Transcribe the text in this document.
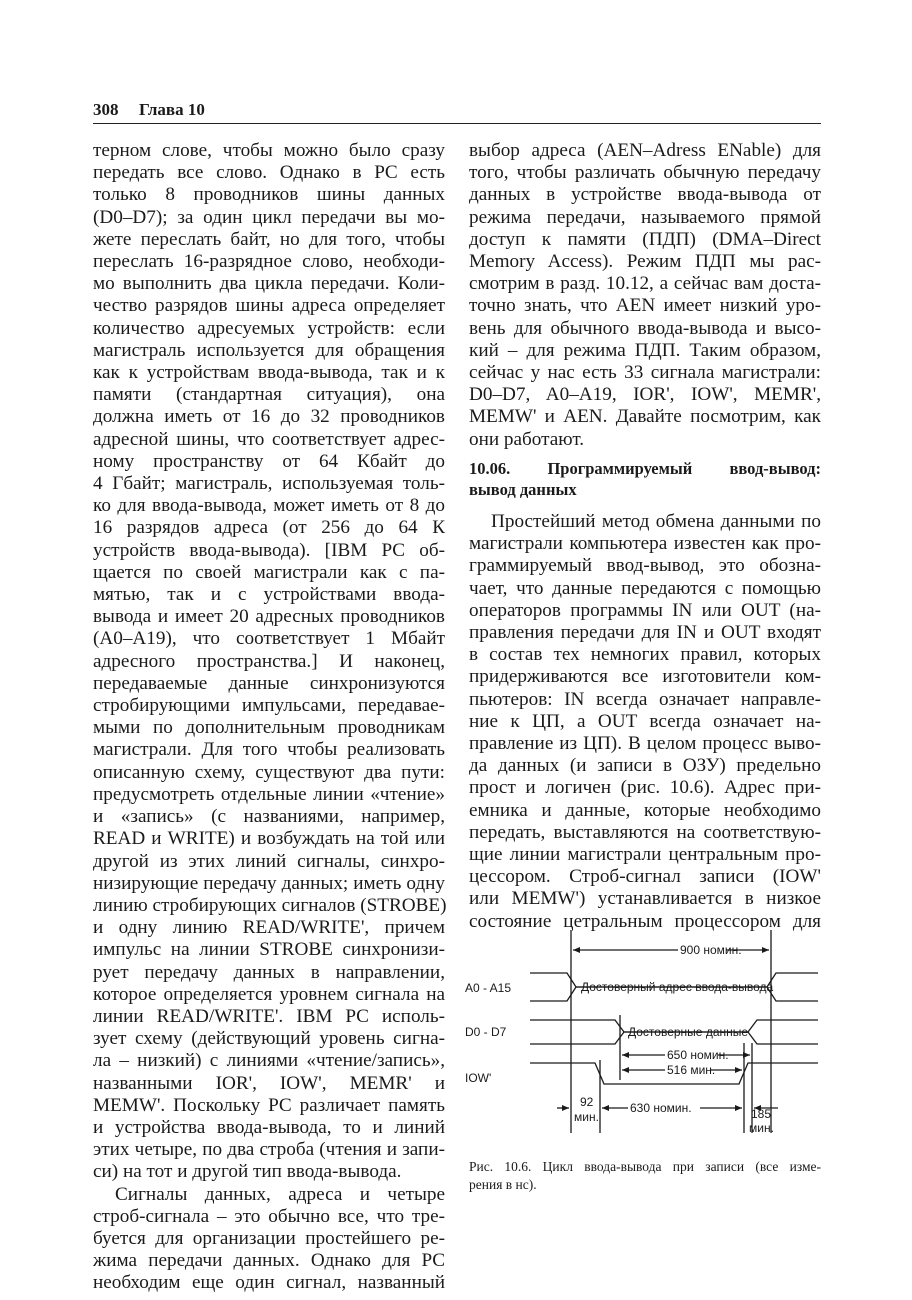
308 Глава 10
терном слове, чтобы можно было сразу
передать все слово. Однако в PC есть
только 8 проводников шины данных
(D0–D7); за один цикл передачи вы мо-
жете переслать байт, но для того, чтобы
переслать 16-разрядное слово, необходи-
мо выполнить два цикла передачи. Коли-
чество разрядов шины адреса определяет
количество адресуемых устройств: если
магистраль используется для обращения
как к устройствам ввода-вывода, так и к
памяти (стандартная ситуация), она
должна иметь от 16 до 32 проводников
адресной шины, что соответствует адрес-
ному пространству от 64 Кбайт до
4 Гбайт; магистраль, используемая толь-
ко для ввода-вывода, может иметь от 8 до
16 разрядов адреса (от 256 до 64 К
устройств ввода-вывода). [IBM PC об-
щается по своей магистрали как с па-
мятью, так и с устройствами ввода-
вывода и имеет 20 адресных проводников
(A0–A19), что соответствует 1 Мбайт
адресного пространства.] И наконец,
передаваемые данные синхронизуются
стробирующими импульсами, передавае-
мыми по дополнительным проводникам
магистрали. Для того чтобы реализовать
описанную схему, существуют два пути:
предусмотреть отдельные линии «чтение»
и «запись» (с названиями, например,
READ и WRITE) и возбуждать на той или
другой из этих линий сигналы, синхро-
низирующие передачу данных; иметь одну
линию стробирующих сигналов (STROBE)
и одну линию READ/WRITE', причем
импульс на линии STROBE синхронизи-
рует передачу данных в направлении,
которое определяется уровнем сигнала на
линии READ/WRITE'. IBM PC исполь-
зует схему (действующий уровень сигна-
ла – низкий) с линиями «чтение/запись»,
названными IOR', IOW', MEMR' и
MEMW'. Поскольку PC различает память
и устройства ввода-вывода, то и линий
этих четыре, по два строба (чтения и запи-
си) на тот и другой тип ввода-вывода.
Сигналы данных, адреса и четыре
строб-сигнала – это обычно все, что тре-
буется для организации простейшего ре-
жима передачи данных. Однако для PC
необходим еще один сигнал, названный
выбор адреса (AEN–Adress ENable) для
того, чтобы различать обычную передачу
данных в устройстве ввода-вывода от
режима передачи, называемого прямой
доступ к памяти (ПДП) (DMA–Direct
Memory Access). Режим ПДП мы рас-
смотрим в разд. 10.12, а сейчас вам доста-
точно знать, что AEN имеет низкий уро-
вень для обычного ввода-вывода и высо-
кий – для режима ПДП. Таким образом,
сейчас у нас есть 33 сигнала магистрали:
D0–D7, A0–A19, IOR', IOW', MEMR',
MEMW' и AEN. Давайте посмотрим, как
они работают.
10.06. Программируемый ввод-вывод:
вывод данных
Простейший метод обмена данными по
магистрали компьютера известен как про-
граммируемый ввод-вывод, это обозна-
чает, что данные передаются с помощью
операторов программы IN или OUT (на-
правления передачи для IN и OUT входят
в состав тех немногих правил, которых
придерживаются все изготовители ком-
пьютеров: IN всегда означает направле-
ние к ЦП, а OUT всегда означает на-
правление из ЦП). В целом процесс выво-
да данных (и записи в ОЗУ) предельно
прост и логичен (рис. 10.6). Адрес при-
емника и данные, которые необходимо
передать, выставляются на соответствую-
щие линии магистрали центральным про-
цессором. Строб-сигнал записи (IOW'
или MEMW') устанавливается в низкое
состояние цетральным процессором для
A0 - A15
D0 - D7
IOW'
Достоверный адрес ввода-вывода
Достоверные данные
900 номин.
650 номин.
516 мин.
630 номин.
92
мин.	185
мин.
Рис. 10.6. Цикл ввода-вывода при записи (все изме-
рения в нс).
